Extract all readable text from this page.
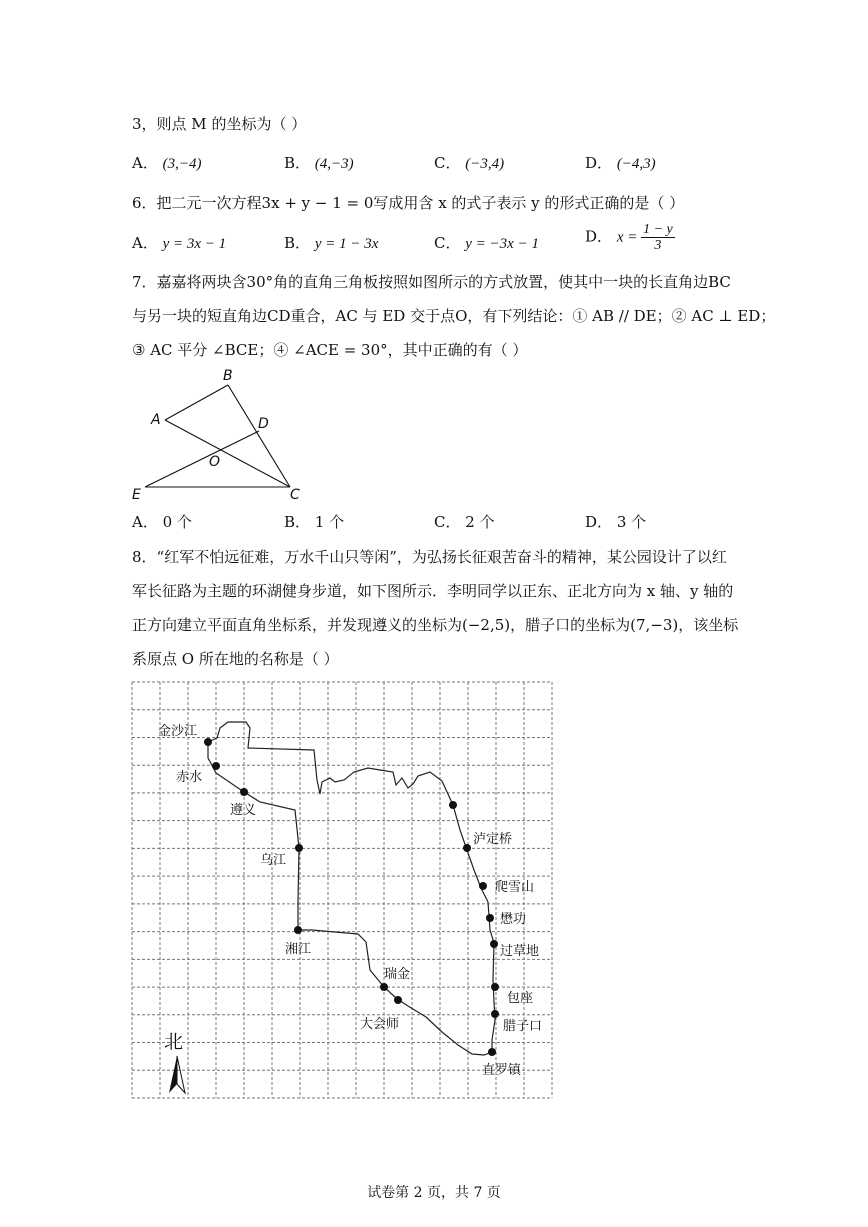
3，则点 M 的坐标为（ ）
A． (3,−4)	B． (4,−3)	C． (−3,4)	D． (−4,3)
6．把二元一次方程3x + y − 1 = 0写成用含 x 的式子表示 y 的形式正确的是（ ）
A． y = 3x − 1	B． y = 1 − 3x	C． y = −3x − 1	D． $x = \frac{1 - y}{3}$
7．嘉嘉将两块含30°角的直角三角板按照如图所示的方式放置，使其中一块的长直角边BC
与另一块的短直角边CD重合，AC 与 ED 交于点O，有下列结论：① AB // DE；② AC ⊥ ED；
③ AC 平分 ∠BCE；④ ∠ACE = 30°，其中正确的有（ ）
B
A	D
O
E	C
A． 0 个	B． 1 个	C． 2 个	D． 3 个
8．“红军不怕远征难，万水千山只等闲”，为弘扬长征艰苦奋斗的精神，某公园设计了以红
军长征路为主题的环湖健身步道，如下图所示．李明同学以正东、正北方向为 x 轴、y 轴的
正方向建立平面直角坐标系，并发现遵义的坐标为(−2,5)，腊子口的坐标为(7,−3)，该坐标
系原点 O 所在地的名称是（ ）
金沙江
赤水
遵义
乌江
湘江
瑞金
大会师
直罗镇
腊子口
包座
过草地
懋功
爬雪山
泸定桥
北
试卷第 2 页，共 7 页
